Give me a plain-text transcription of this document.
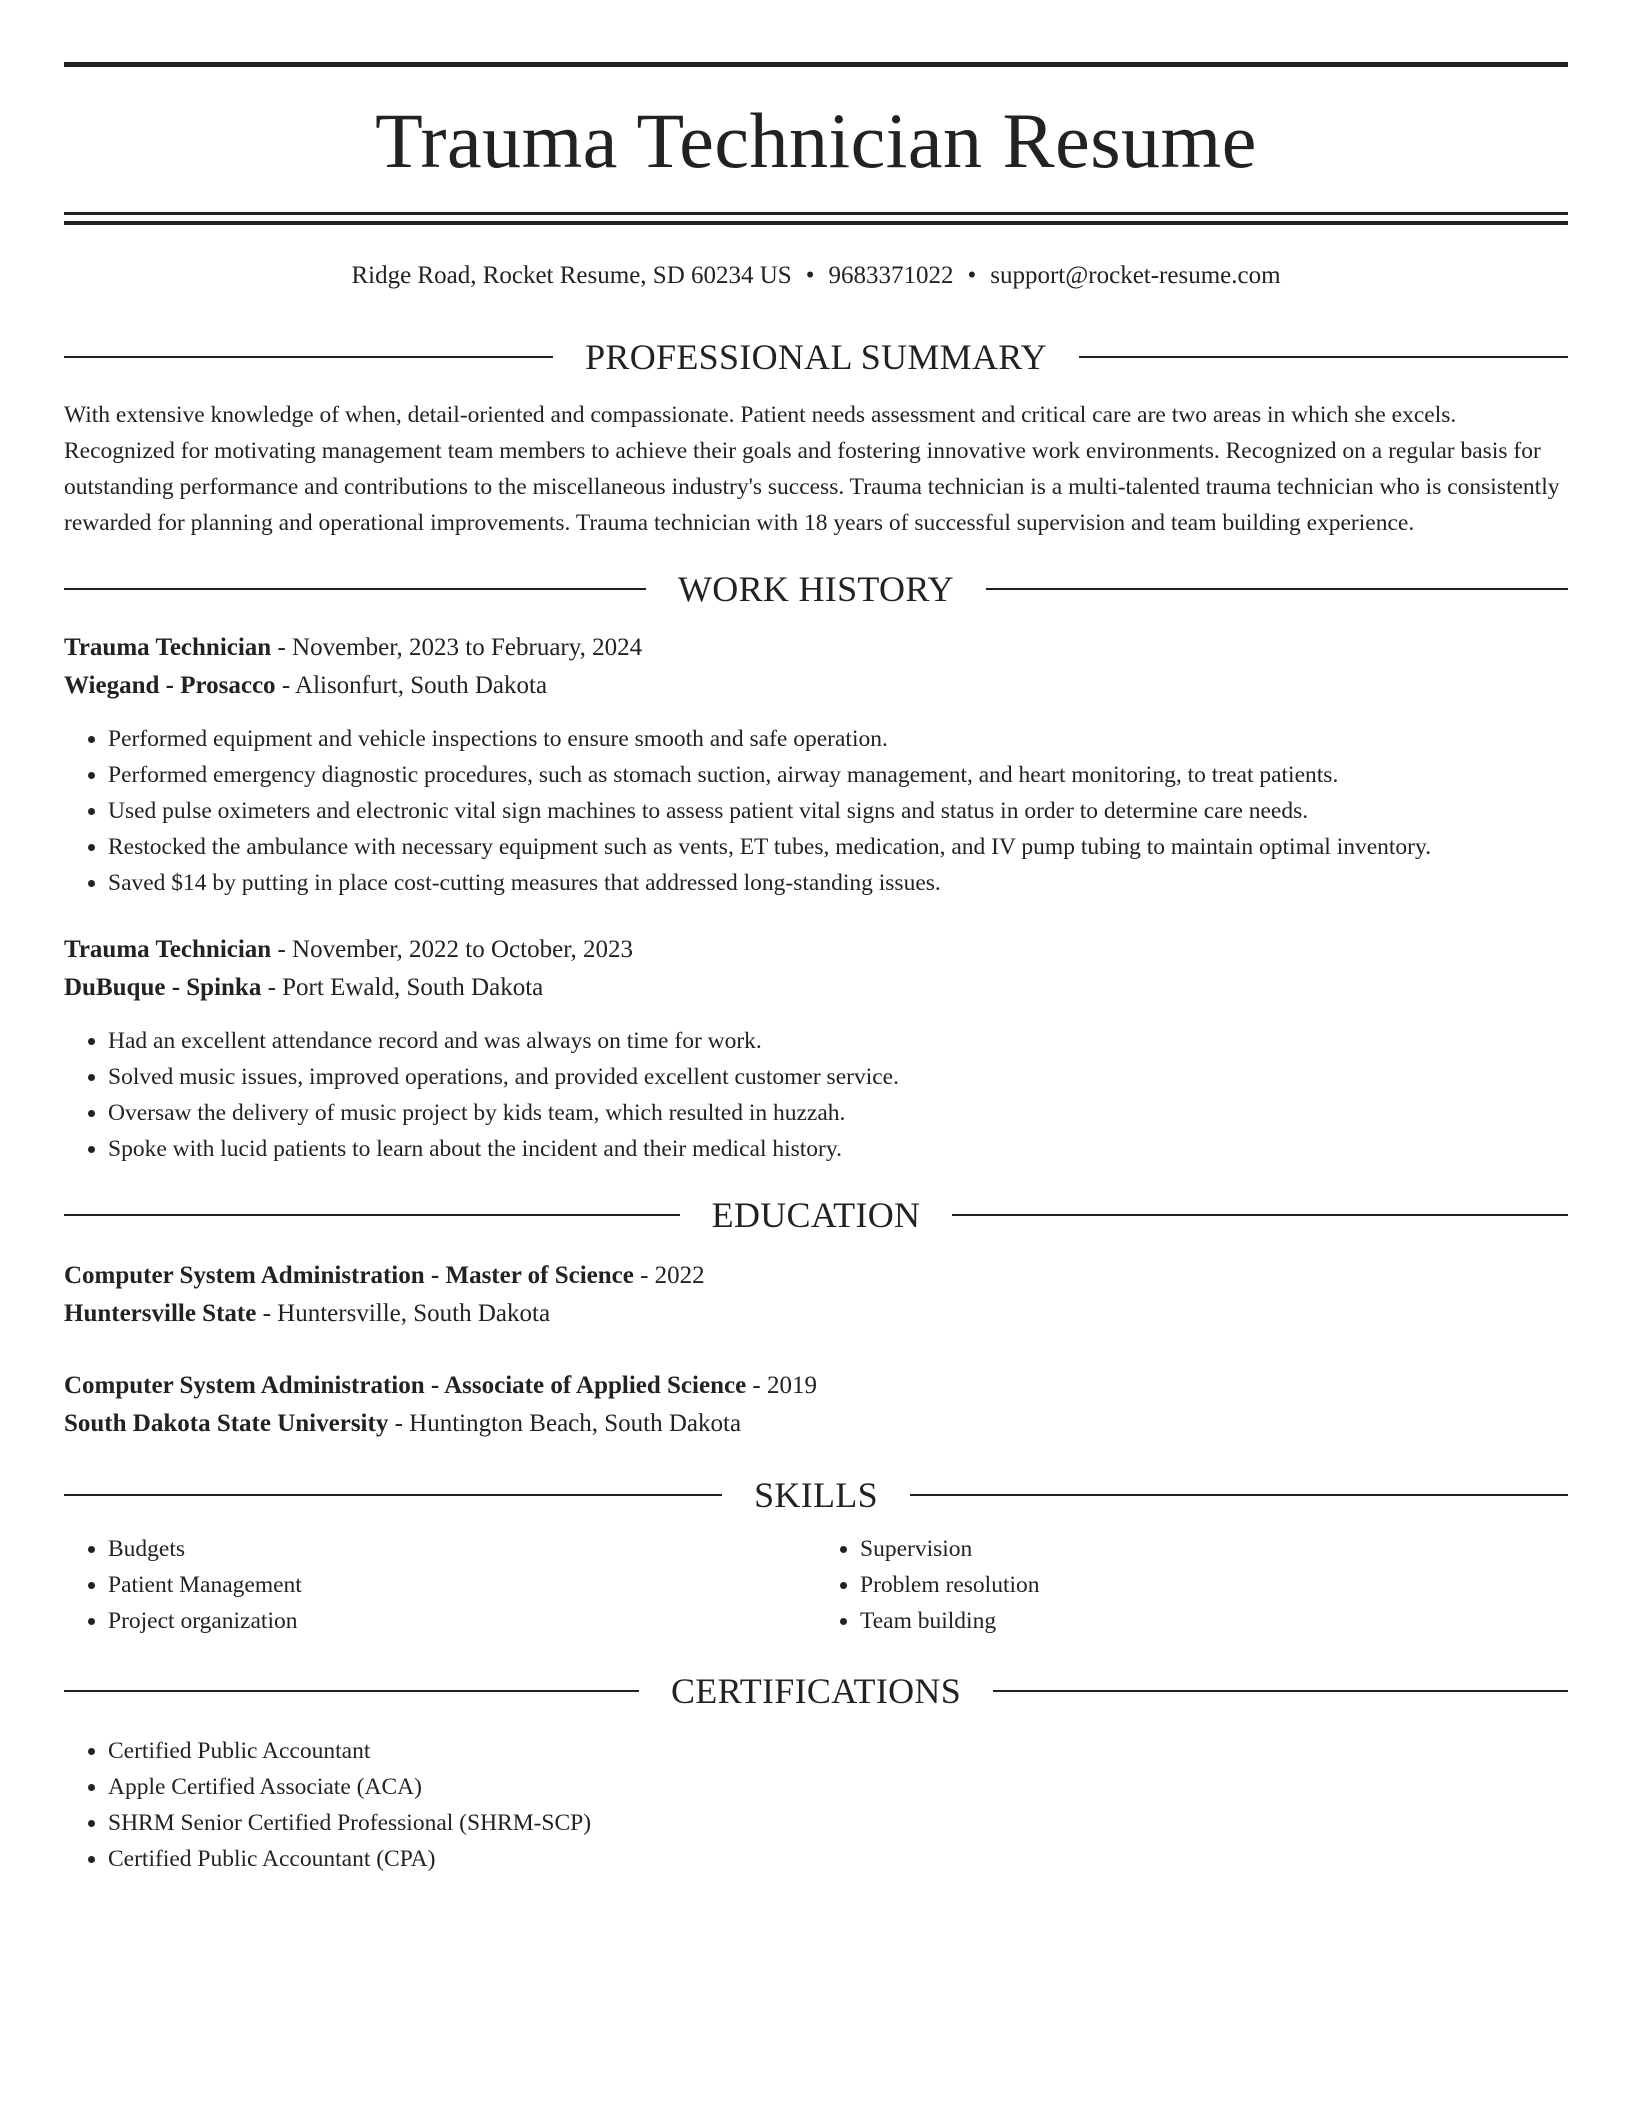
Trauma Technician Resume
Ridge Road, Rocket Resume, SD 60234 US • 9683371022 • support@rocket-resume.com
PROFESSIONAL SUMMARY
With extensive knowledge of when, detail-oriented and compassionate. Patient needs assessment and critical care are two areas in which she excels. Recognized for motivating management team members to achieve their goals and fostering innovative work environments. Recognized on a regular basis for outstanding performance and contributions to the miscellaneous industry's success. Trauma technician is a multi-talented trauma technician who is consistently rewarded for planning and operational improvements. Trauma technician with 18 years of successful supervision and team building experience.
WORK HISTORY
Trauma Technician - November, 2023 to February, 2024
Wiegand - Prosacco - Alisonfurt, South Dakota
• Performed equipment and vehicle inspections to ensure smooth and safe operation.
• Performed emergency diagnostic procedures, such as stomach suction, airway management, and heart monitoring, to treat patients.
• Used pulse oximeters and electronic vital sign machines to assess patient vital signs and status in order to determine care needs.
• Restocked the ambulance with necessary equipment such as vents, ET tubes, medication, and IV pump tubing to maintain optimal inventory.
• Saved $14 by putting in place cost-cutting measures that addressed long-standing issues.
Trauma Technician - November, 2022 to October, 2023
DuBuque - Spinka - Port Ewald, South Dakota
• Had an excellent attendance record and was always on time for work.
• Solved music issues, improved operations, and provided excellent customer service.
• Oversaw the delivery of music project by kids team, which resulted in huzzah.
• Spoke with lucid patients to learn about the incident and their medical history.
EDUCATION
Computer System Administration - Master of Science - 2022
Huntersville State - Huntersville, South Dakota
Computer System Administration - Associate of Applied Science - 2019
South Dakota State University - Huntington Beach, South Dakota
SKILLS
• Budgets
• Patient Management
• Project organization
• Supervision
• Problem resolution
• Team building
CERTIFICATIONS
• Certified Public Accountant
• Apple Certified Associate (ACA)
• SHRM Senior Certified Professional (SHRM-SCP)
• Certified Public Accountant (CPA)
